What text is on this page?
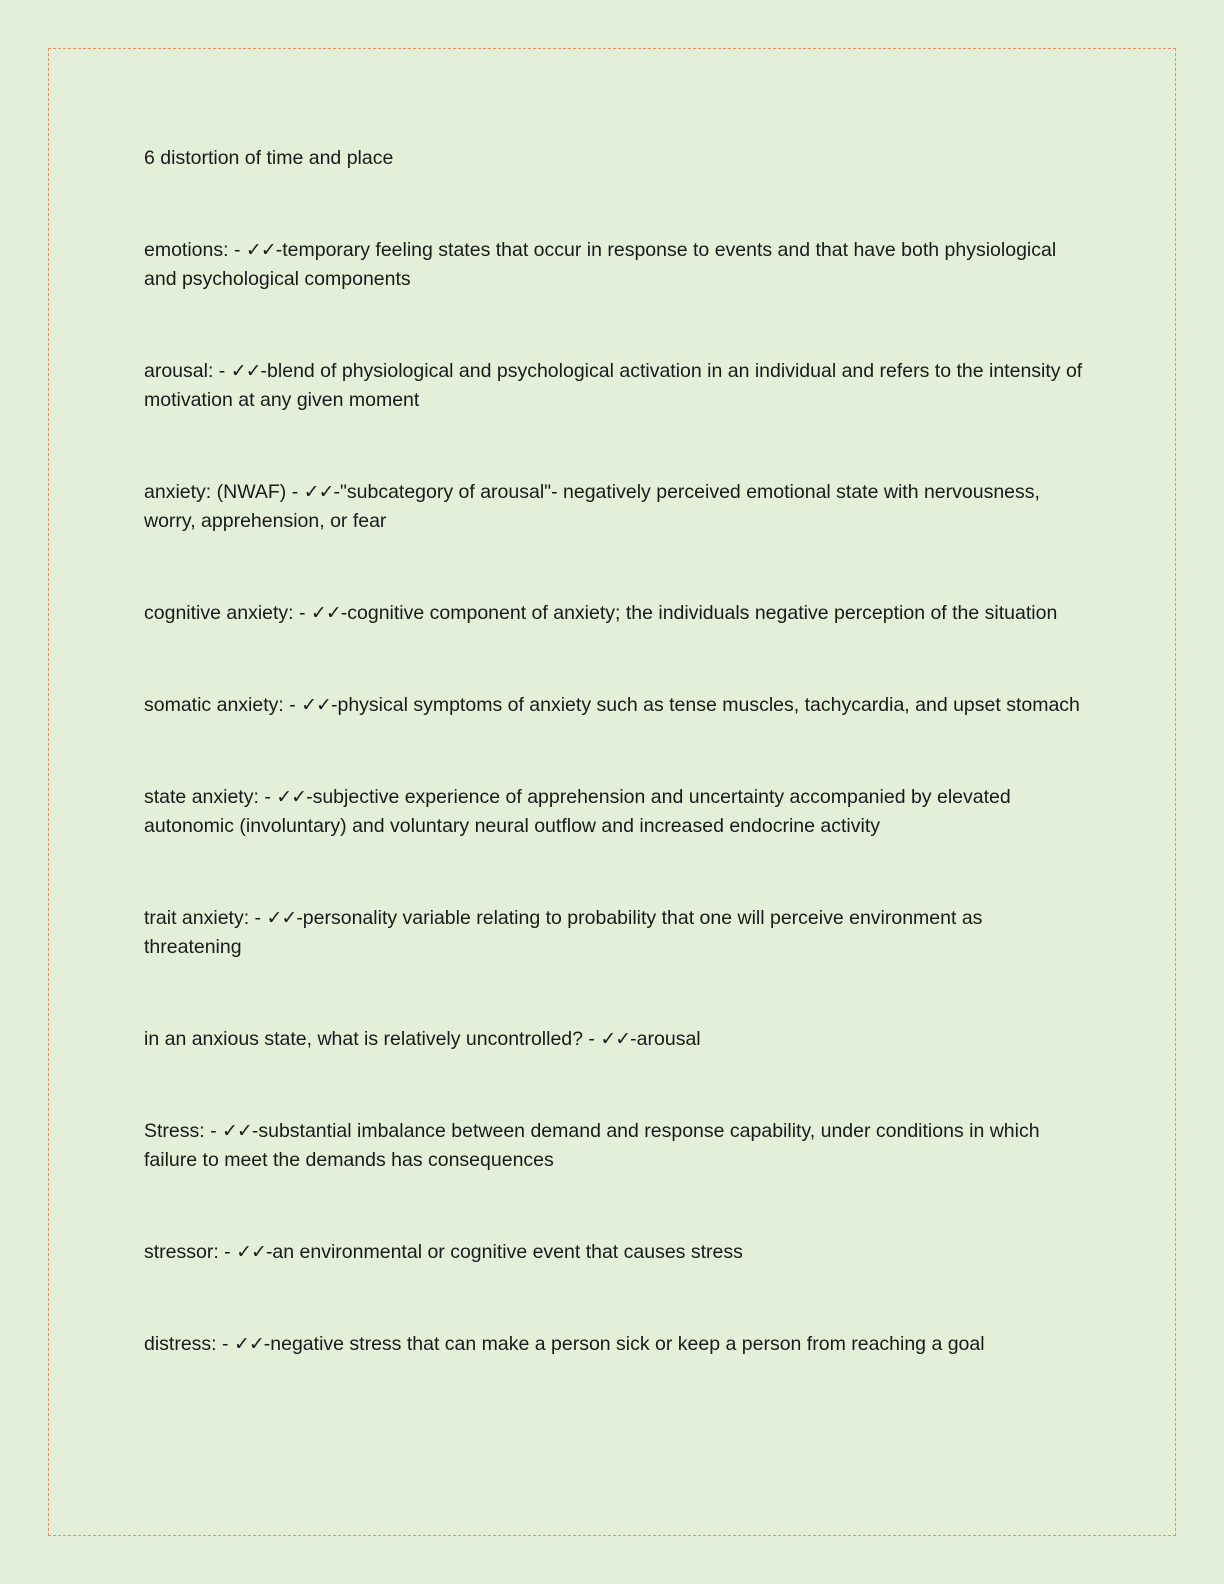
6 distortion of time and place

emotions: - ✓✓-temporary feeling states that occur in response to events and that have both physiological and psychological components

arousal: - ✓✓-blend of physiological and psychological activation in an individual and refers to the intensity of motivation at any given moment

anxiety: (NWAF) - ✓✓-"subcategory of arousal"- negatively perceived emotional state with nervousness, worry, apprehension, or fear

cognitive anxiety: - ✓✓-cognitive component of anxiety; the individuals negative perception of the situation

somatic anxiety: - ✓✓-physical symptoms of anxiety such as tense muscles, tachycardia, and upset stomach

state anxiety: - ✓✓-subjective experience of apprehension and uncertainty accompanied by elevated autonomic (involuntary) and voluntary neural outflow and increased endocrine activity

trait anxiety: - ✓✓-personality variable relating to probability that one will perceive environment as threatening

in an anxious state, what is relatively uncontrolled? - ✓✓-arousal

Stress: - ✓✓-substantial imbalance between demand and response capability, under conditions in which failure to meet the demands has consequences

stressor: - ✓✓-an environmental or cognitive event that causes stress

distress: - ✓✓-negative stress that can make a person sick or keep a person from reaching a goal
